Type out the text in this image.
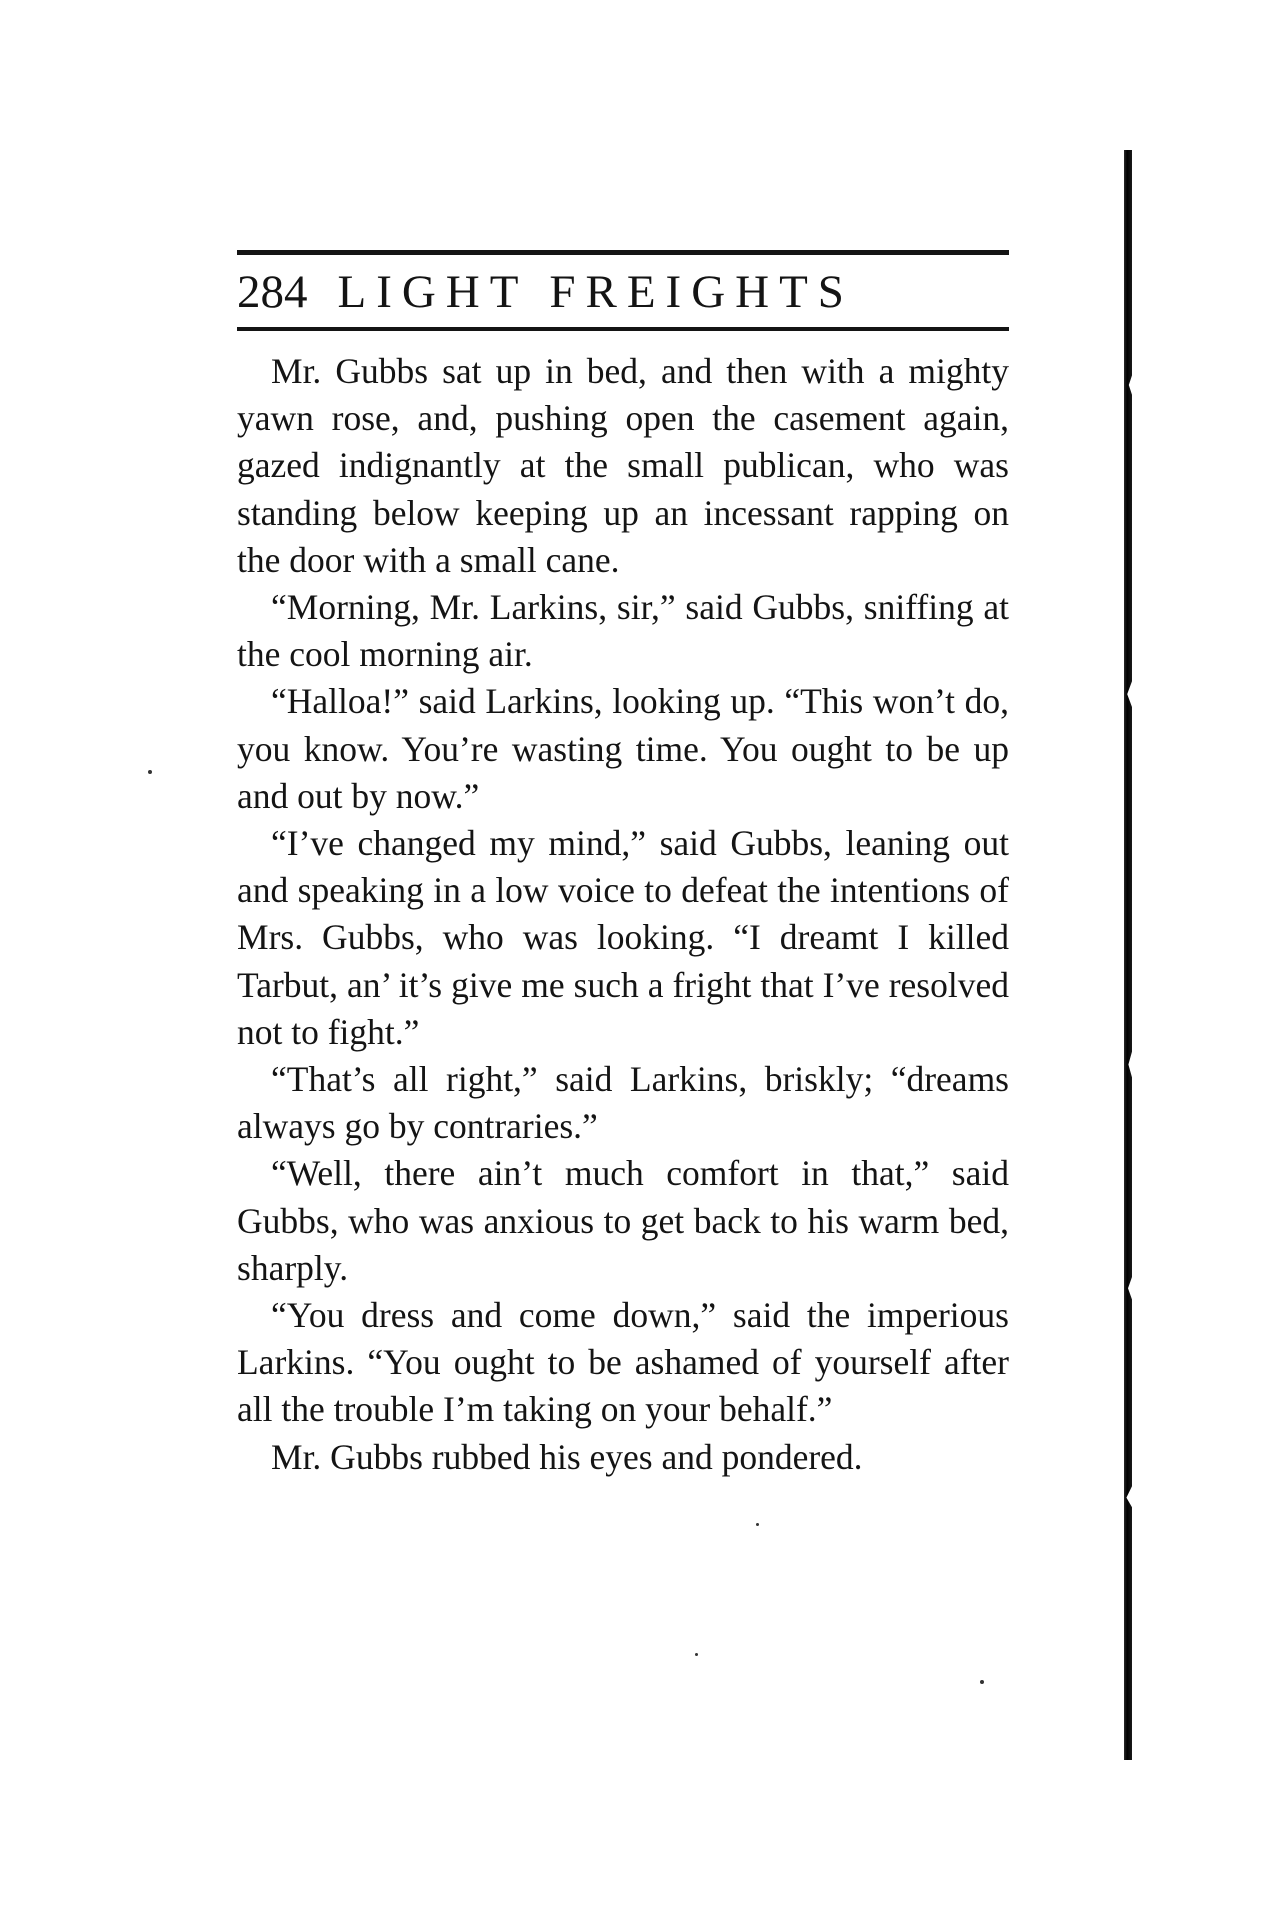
284 LIGHT FREIGHTS

Mr. Gubbs sat up in bed, and then with a mighty yawn rose, and, pushing open the casement again, gazed indignantly at the small publican, who was standing below keeping up an incessant rapping on the door with a small cane.

“Morning, Mr. Larkins, sir,” said Gubbs, sniffing at the cool morning air.

“Halloa!” said Larkins, looking up. “This won’t do, you know. You’re wasting time. You ought to be up and out by now.”

“I’ve changed my mind,” said Gubbs, leaning out and speaking in a low voice to defeat the intentions of Mrs. Gubbs, who was looking. “I dreamt I killed Tarbut, an’ it’s give me such a fright that I’ve resolved not to fight.”

“That’s all right,” said Larkins, briskly; “dreams always go by contraries.”

“Well, there ain’t much comfort in that,” said Gubbs, who was anxious to get back to his warm bed, sharply.

“You dress and come down,” said the imperious Larkins. “You ought to be ashamed of yourself after all the trouble I’m taking on your behalf.”

Mr. Gubbs rubbed his eyes and pondered.
